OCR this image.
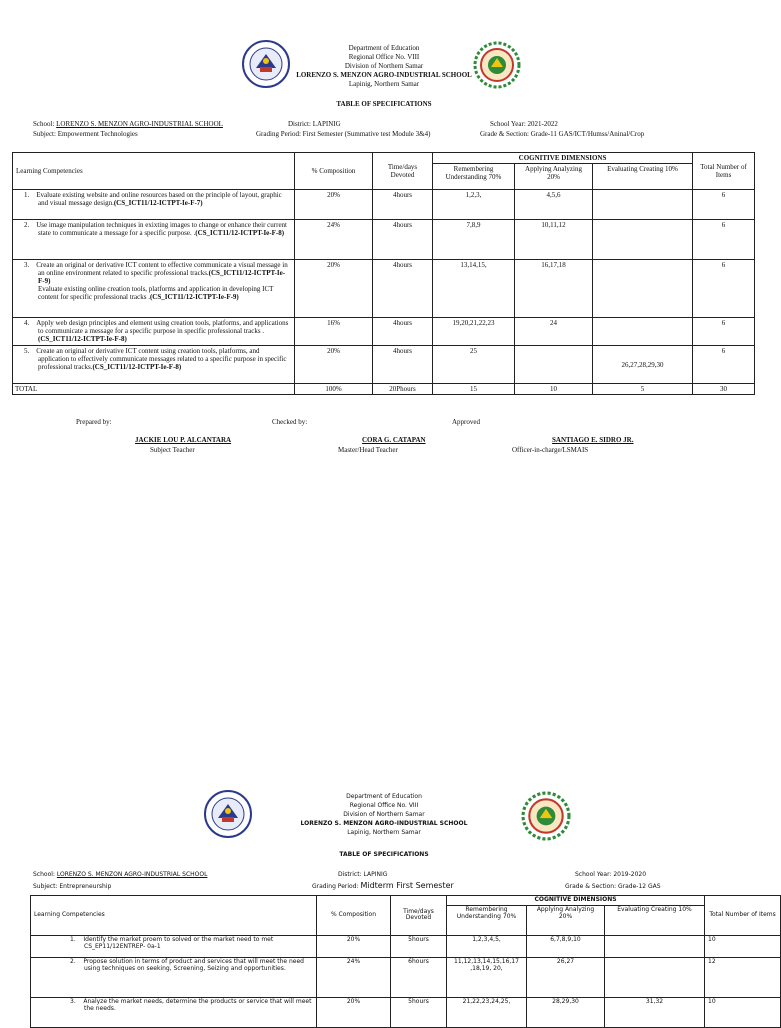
Department of Education
Regional Office No. VIII
Division of Northern Samar
LORENZO S. MENZON AGRO-INDUSTRIAL SCHOOL
Lapinig, Northern Samar
TABLE OF SPECIFICATIONS
School: LORENZO S. MENZON AGRO-INDUSTRIAL SCHOOL	District: LAPINIG	School Year: 2021-2022
Subject: Empowerment Technologies	Grading Period: First Semester (Summative test Module 3&4)	Grade & Section: Grade-11 GAS/ICT/Humss/Aninal/Crop
Learning Competencies	% Composition	Time/days Devoted	COGNITIVE DIMENSIONS			Total Number of Items
			Remembering Understanding 70%	Applying Analyzing 20%	Evaluating Creating 10%	

1. Evaluate existing website and online resources based on the principle of layout, graphic and visual message design.(CS_ICT11/12-ICTPT-Ie-F-7)	20%	4hours	1,2,3,	4,5,6		6

2. Use image manipulation techniques in exixting images to change or enhance their current state to communicate a message for a specific purpose. .(CS_ICT11/12-ICTPT-Ie-F-8)	24%	4hours	7,8,9	10,11,12		6

3. Create an original or derivative ICT content to effective communicate a visual message in an online environment related to specific professional tracks.(CS_ICT11/12-ICTPT-Ie-F-9)
Evaluate existing online creation tools, platforms and application in developing ICT content for specific professional tracks .(CS_ICT11/12-ICTPT-Ie-F-9)	20%	4hours	13,14,15,	16,17,18		6

4. Apply web design principles and element using creation tools, platforms, and applications to communicate a message for a specific purpose in specific professional tracks .(CS_ICT11/12-ICTPT-Ie-F-8)	16%	4hours	19,20,21,22,23	24		6

5. Create an original or derivative ICT content using creation tools, platforms, and application to effectively communicate messages related to a specific purpose in specific professional tracks.(CS_ICT11/12-ICTPT-Ie-F-8)	20%	4hours	25		26,27,28,29,30	6
TOTAL	100%	20Phours	15	10	5	30
Prepared by:	Checked by:	Approved
JACKIE LOU P. ALCANTARA
Subject Teacher
CORA G. CATAPAN
Master/Head Teacher
SANTIAGO E. SIDRO JR.
Officer-in-charge/LSMAIS
Department of Education
Regional Office No. VIII
Division of Northern Samar
LORENZO S. MENZON AGRO-INDUSTRIAL SCHOOL
Lapinig, Northern Samar
TABLE OF SPECIFICATIONS
School: LORENZO S. MENZON AGRO-INDUSTRIAL SCHOOL	District: LAPINIG	School Year: 2019-2020
Subject: Entrepreneurship	Grading Period: Midterm First Semester	Grade & Section: Grade-12 GAS
Learning Competencies	% Composition	Time/days Devoted	COGNITIVE DIMENSIONS			Total Number of Items
			Remembering Understanding 70%	Applying Analyzing 20%	Evaluating Creating 10%	

1. Identify the market proem to solved or the market need to met CS_EP11/12ENTREP- 0a-1	20%	5hours	1,2,3,4,5,	6,7,8,9,10		10

2. Propose solution in terms of product and services that will meet the need using techniques on seeking, Screening, Seizing and opportunities.	24%	6hours	11,12,13,14,15,16,17 ,18,19, 20,	26,27		12

3. Analyze the market needs, determine the products or service that will meet the needs.	20%	5hours	21,22,23,24,25,	28,29,30	31,32	10
